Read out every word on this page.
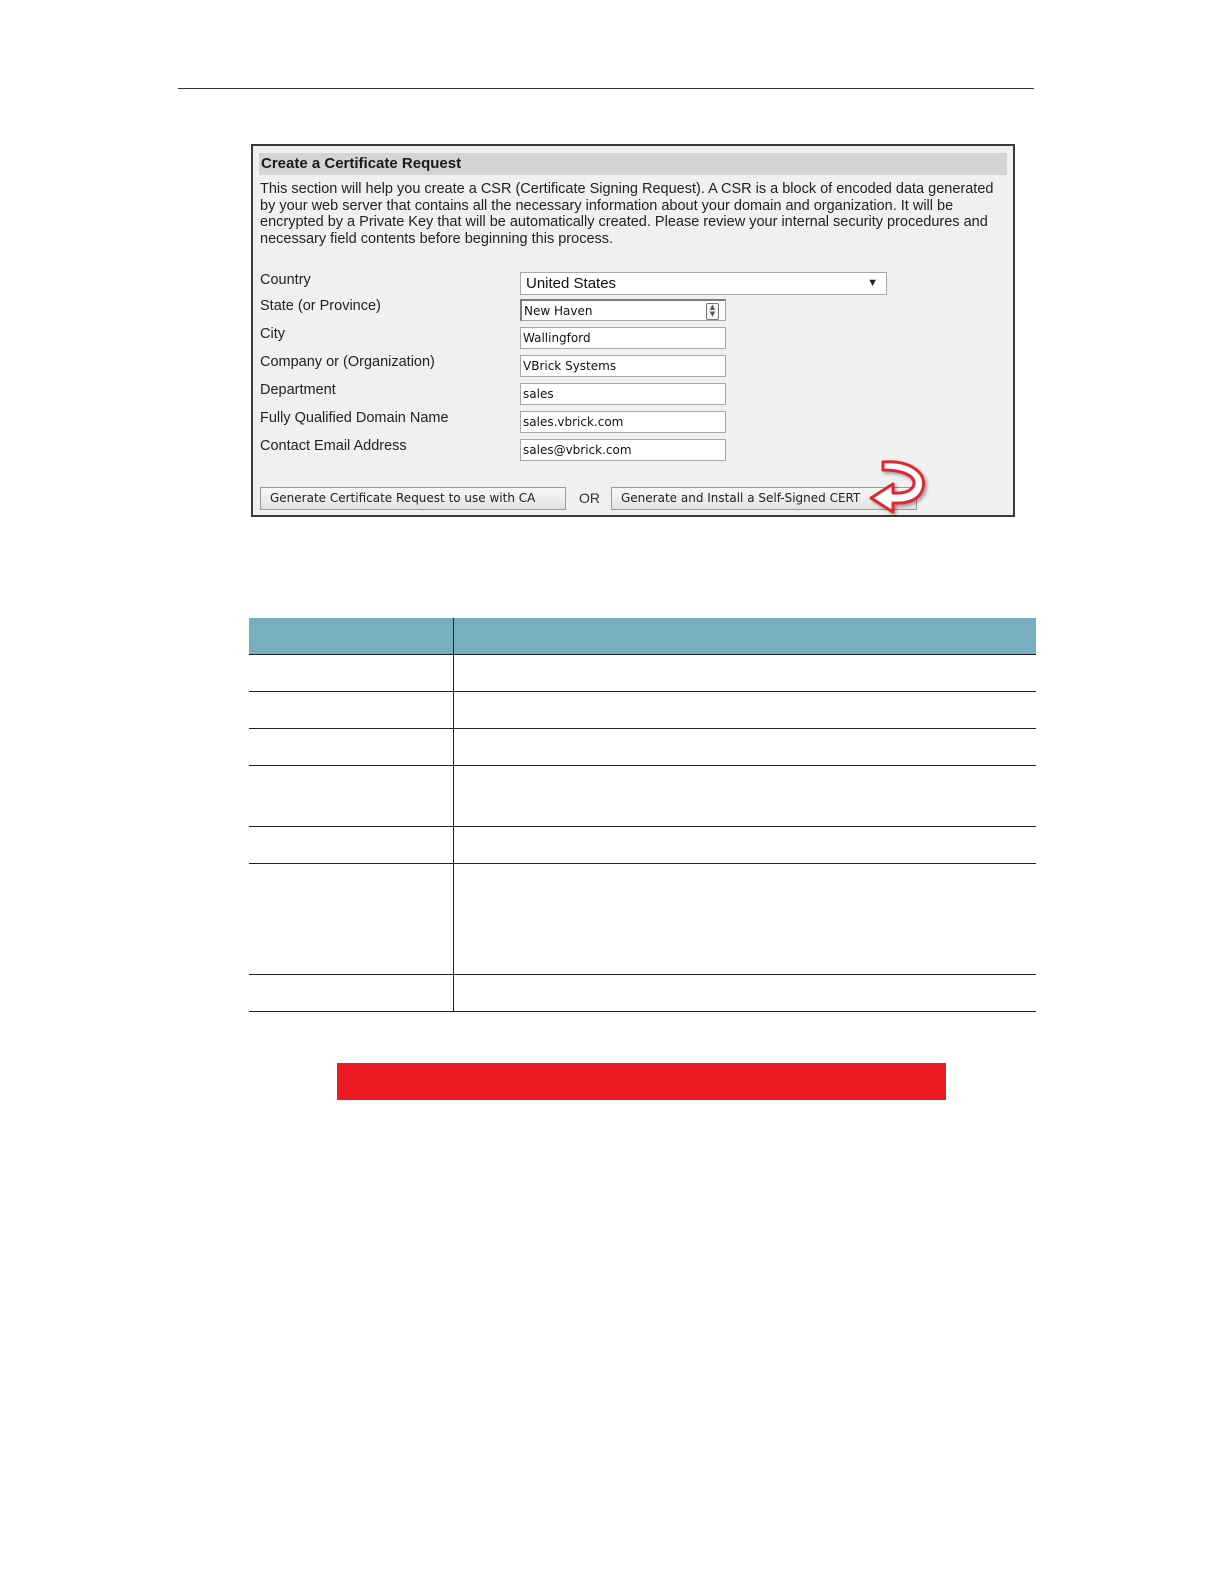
Create a Certificate Request
This section will help you create a CSR (Certificate Signing Request). A CSR is a block of encoded data generated by your web server that contains all the necessary information about your domain and organization. It will be encrypted by a Private Key that will be automatically created. Please review your internal security procedures and necessary field contents before beginning this process.
Country	United States	▼
State (or Province)	New Haven	▲
▼
City	Wallingford
Company or (Organization)	VBrick Systems
Department	sales
Fully Qualified Domain Name	sales.vbrick.com
Contact Email Address	sales@vbrick.com
Generate Certificate Request to use with CA	OR	Generate and Install a Self-Signed CERT
